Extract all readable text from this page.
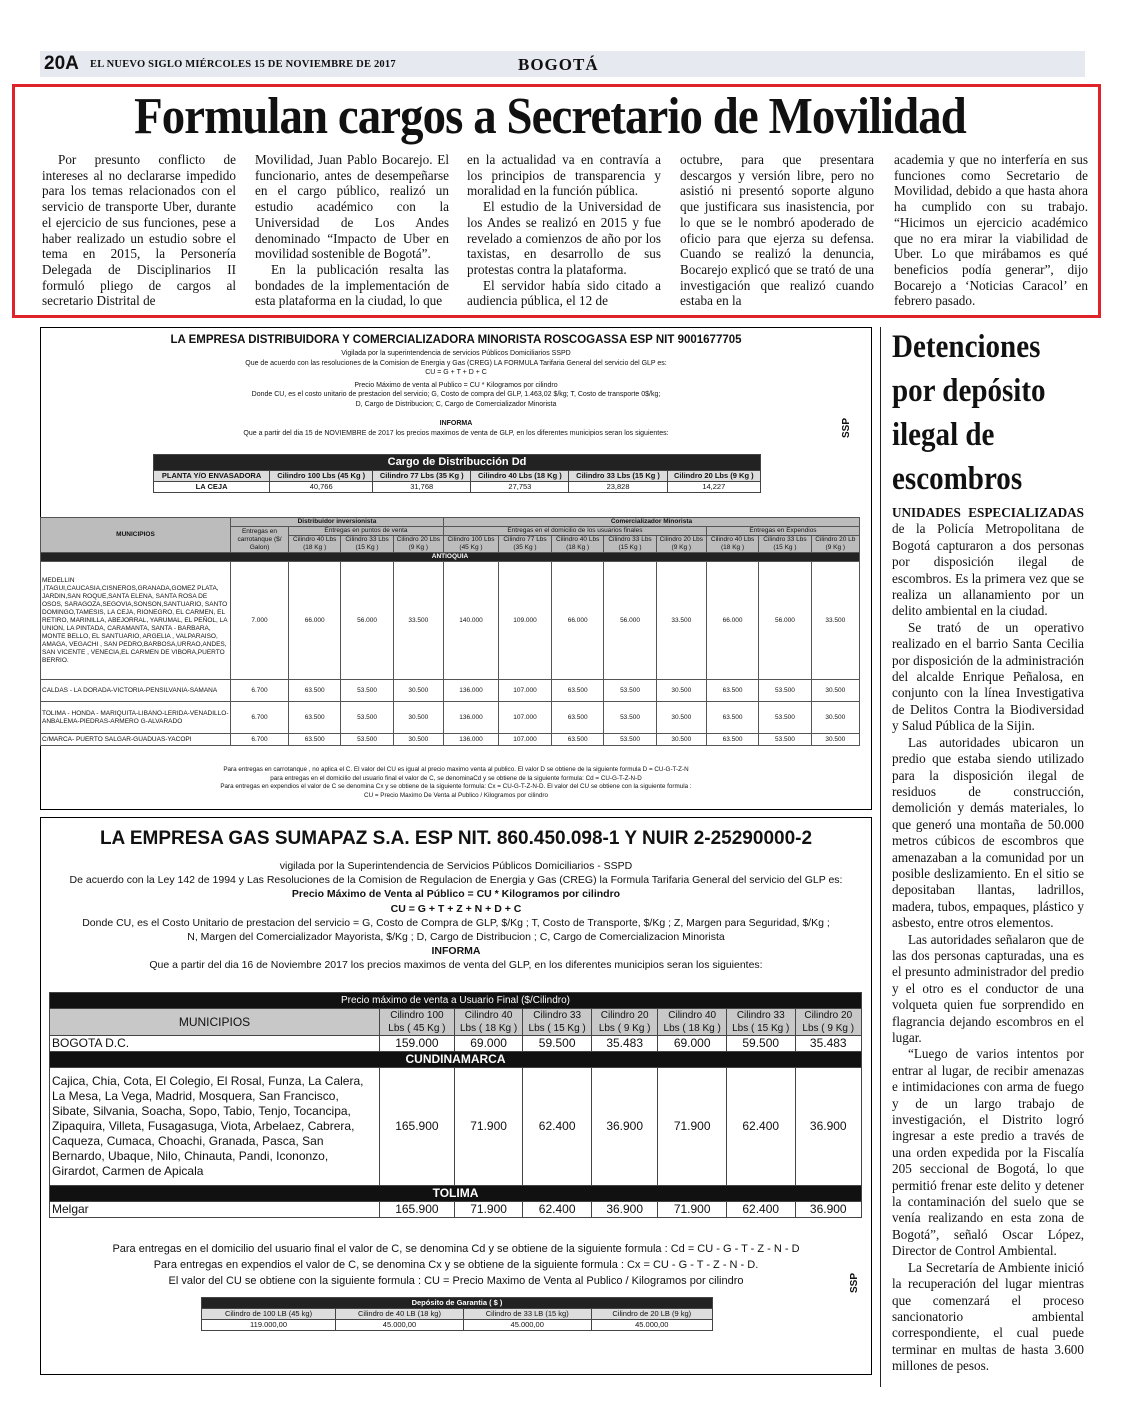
20A EL NUEVO SIGLO MIÉRCOLES 15 DE NOVIEMBRE DE 2017	BOGOTÁ
Formulan cargos a Secretario de Movilidad

Por presunto conflicto de intereses al no declararse impedido para los temas relacionados con el servicio de transporte Uber, durante el ejercicio de sus funciones, pese a haber realizado un estudio sobre el tema en 2015, la Personería Delegada de Disciplinarios II formuló pliego de cargos al secretario Distrital de

Movilidad, Juan Pablo Bocarejo. El funcionario, antes de desempeñarse en el cargo público, realizó un estudio académico con la Universidad de Los Andes denominado “Impacto de Uber en movilidad sostenible de Bogotá”.

En la publicación resalta las bondades de la implementación de esta plataforma en la ciudad, lo que

en la actualidad va en contravía a los principios de transparencia y moralidad en la función pública.

El estudio de la Universidad de los Andes se realizó en 2015 y fue revelado a comienzos de año por los taxistas, en desarrollo de sus protestas contra la plataforma.

El servidor había sido citado a audiencia pública, el 12 de

octubre, para que presentara descargos y versión libre, pero no asistió ni presentó soporte alguno que justificara sus inasistencia, por lo que se le nombró apoderado de oficio para que ejerza su defensa. Cuando se realizó la denuncia, Bocarejo explicó que se trató de una investigación que realizó cuando estaba en la

academia y que no interfería en sus funciones como Secretario de Movilidad, debido a que hasta ahora ha cumplido con su trabajo. “Hicimos un ejercicio académico que no era mirar la viabilidad de Uber. Lo que mirábamos es qué beneficios podía generar”, dijo Bocarejo a ‘Noticias Caracol’ en febrero pasado.

Detenciones
por depósito
ilegal de
escombros

UNIDADES ESPECIALIZADAS de la Policía Metropolitana de Bogotá capturaron a dos personas por disposición ilegal de escombros. Es la primera vez que se realiza un allanamiento por un delito ambiental en la ciudad.

Se trató de un operativo realizado en el barrio Santa Cecilia por disposición de la administración del alcalde Enrique Peñalosa, en conjunto con la línea Investigativa de Delitos Contra la Biodiversidad y Salud Pública de la Sijin.

Las autoridades ubicaron un predio que estaba siendo utilizado para la disposición ilegal de residuos de construcción, demolición y demás materiales, lo que generó una montaña de 50.000 metros cúbicos de escombros que amenazaban a la comunidad por un posible deslizamiento. En el sitio se depositaban llantas, ladrillos, madera, tubos, empaques, plástico y asbesto, entre otros elementos.

Las autoridades señalaron que de las dos personas capturadas, una es el presunto administrador del predio y el otro es el conductor de una volqueta quien fue sorprendido en flagrancia dejando escombros en el lugar.

“Luego de varios intentos por entrar al lugar, de recibir amenazas e intimidaciones con arma de fuego y de un largo trabajo de investigación, el Distrito logró ingresar a este predio a través de una orden expedida por la Fiscalía 205 seccional de Bogotá, lo que permitió frenar este delito y detener la contaminación del suelo que se venía realizando en esta zona de Bogotá”, señaló Oscar López, Director de Control Ambiental.

La Secretaría de Ambiente inició la recuperación del lugar mientras que comenzará el proceso sancionatorio ambiental correspondiente, el cual puede terminar en multas de hasta 3.600 millones de pesos.

LA EMPRESA DISTRIBUIDORA Y COMERCIALIZADORA MINORISTA ROSCOGASSA ESP NIT 9001677705
Vigilada por la superintendencia de servicios Públicos Domiciliarios SSPD
Que de acuerdo con las resoluciones de la Comision de Energia y Gas (CREG) LA FORMULA Tarifaria General del servicio del GLP es:
CU = G + T + D + C
Precio Máximo de venta al Publico = CU * Kilogramos por cilindro
Donde CU, es el costo unitario de prestacion del servicio; G, Costo de compra del GLP, 1.463,02 $/kg; T, Costo de transporte 0$/kg;
D, Cargo de Distribucion; C, Cargo de Comercializador Minorista
INFORMA
Que a partir del dia 15 de NOVIEMBRE de 2017 los precios maximos de venta de GLP, en los diferentes municipios seran los siguientes:
Cargo de Distribucción Dd					
PLANTA Y/O ENVASADORA	Cilindro 100 Lbs (45 Kg )	Cilindro 77 Lbs (35 Kg )	Cilindro 40 Lbs (18 Kg )	Cilindro 33 Lbs (15 Kg )	Cilindro 20 Lbs (9 Kg )
LA CEJA	40,766	31,768	27,753	23,828	14,227
MUNICIPIOS	Distribuidor inversionista				Comercializador Minorista							
	Entregas en carrotanque ($/ Galon)	Entregas en puntos de venta			Entregas en el domicilio de los usuarios finales					Entregas en Expendios		
		Cilindro 40 Lbs (18 Kg )	Cilindro 33 Lbs (15 Kg )	Cilindro 20 Lbs (9 Kg )	Cilindro 100 Lbs (45 Kg )	Cilindro 77 Lbs (35 Kg )	Cilindro 40 Lbs (18 Kg )	Cilindro 33 Lbs (15 Kg )	Cilindro 20 Lbs (9 Kg )	Cilindro 40 Lbs (18 Kg )	Cilindro 33 Lbs (15 Kg )	Cilindro 20 Lb (9 Kg )
ANTIOQUIA												
MEDELLIN ,ITAGUI,CAUCASIA,CISNEROS,GRANADA,GOMEZ PLATA, JARDIN,SAN ROQUE,SANTA ELENA, SANTA ROSA DE OSOS, SARAGOZA,SEGOVIA,SONSON,SANTUARIO, SANTO DOMINGO,TAMESIS, LA CEJA, RIONEGRO, EL CARMEN, EL RETIRO, MARINILLA, ABEJORRAL, YARUMAL, EL PEÑOL, LA UNION, LA PINTADA, CARAMANTA, SANTA - BARBARA, MONTE BELLO, EL SANTUARIO, ARGELIA , VALPARAISO, AMAGA, VEGACHI , SAN PEDRO,BARBOSA,URRAO,ANDES, SAN VICENTE , VENECIA,EL CARMEN DE VIBORA,PUERTO BERRIO.	7.000	66.000	56.000	33.500	140.000	109.000	66.000	56.000	33.500	66.000	56.000	33.500
CALDAS - LA DORADA-VICTORIA-PENSILVANIA-SAMANA	6.700	63.500	53.500	30.500	136.000	107.000	63.500	53.500	30.500	63.500	53.500	30.500
TOLIMA - HONDA - MARIQUITA-LIBANO-LERIDA-VENADILLO-ANBALEMA-PIEDRAS-ARMERO G-ALVARADO	6.700	63.500	53.500	30.500	136.000	107.000	63.500	53.500	30.500	63.500	53.500	30.500
C/MARCA- PUERTO SALGAR-GUADUAS-YACOPI	6.700	63.500	53.500	30.500	136.000	107.000	63.500	53.500	30.500	63.500	53.500	30.500
Para entregas en carrotanque , no aplica el C. El valor del CU es igual al precio maximo venta al publico. El valor D se obtiene de la siguiente formula D = CU-G-T-Z-N
para entregas en el domicilio del usuario final el valor de C, se denominaCd y se obtiene de la siguiente formula: Cd = CU-G-T-Z-N-D
Para entregas en expendios el valor de C se denomina Cx y se obtiene de la siguiente formula: Cx = CU-G-T-Z-N-D. El valor del CU se obtiene con la siguiente formula :
CU = Precio Maximo De Venta al Publico / Kilogramos por cilindro
SSP
LA EMPRESA GAS SUMAPAZ S.A. ESP NIT. 860.450.098-1 Y NUIR 2-25290000-2
vigilada por la Superintendencia de Servicios Públicos Domiciliarios - SSPD
De acuerdo con la Ley 142 de 1994 y Las Resoluciones de la Comision de Regulacion de Energia y Gas (CREG) la Formula Tarifaria General del servicio del GLP es:
Precio Máximo de Venta al Público = CU * Kilogramos por cilindro
CU = G + T + Z + N + D + C
Donde CU, es el Costo Unitario de prestacion del servicio = G, Costo de Compra de GLP, $/Kg ; T, Costo de Transporte, $/Kg ; Z, Margen para Seguridad, $/Kg ;
N, Margen del Comercializador Mayorista, $/Kg ; D, Cargo de Distribucion ; C, Cargo de Comercializacion Minorista
INFORMA
Que a partir del dia 16 de Noviembre 2017 los precios maximos de venta del GLP, en los diferentes municipios seran los siguientes:
Precio máximo de venta a Usuario Final ($/Cilindro)							
MUNICIPIOS	Cilindro 100 Lbs ( 45 Kg )	Cilindro 40 Lbs ( 18 Kg )	Cilindro 33 Lbs ( 15 Kg )	Cilindro 20 Lbs ( 9 Kg )	Cilindro 40 Lbs ( 18 Kg )	Cilindro 33 Lbs ( 15 Kg )	Cilindro 20 Lbs ( 9 Kg )
BOGOTA D.C.	159.000	69.000	59.500	35.483	69.000	59.500	35.483
CUNDINAMARCA							
Cajica, Chia, Cota, El Colegio, El Rosal, Funza, La Calera, La Mesa, La Vega, Madrid, Mosquera, San Francisco, Sibate, Silvania, Soacha, Sopo, Tabio, Tenjo, Tocancipa, Zipaquira, Villeta, Fusagasuga, Viota, Arbelaez, Cabrera, Caqueza, Cumaca, Choachi, Granada, Pasca, San Bernardo, Ubaque, Nilo, Chinauta, Pandi, Icononzo, Girardot, Carmen de Apicala	165.900	71.900	62.400	36.900	71.900	62.400	36.900
TOLIMA							
Melgar	165.900	71.900	62.400	36.900	71.900	62.400	36.900
Para entregas en el domicilio del usuario final el valor de C, se denomina Cd y se obtiene de la siguiente formula : Cd = CU - G - T - Z - N - D
Para entregas en expendios el valor de C, se denomina Cx y se obtiene de la siguiente formula : Cx = CU - G - T - Z - N - D.
El valor del CU se obtiene con la siguiente formula : CU = Precio Maximo de Venta al Publico / Kilogramos por cilindro
Depósito de Garantia ( $ )			
Cilindro de 100 LB (45 kg)	Cilindro de 40 LB (18 kg)	Cilindro de 33 LB (15 kg)	Cilindro de 20 LB (9 kg)
119.000,00	45.000,00	45.000,00	45.000,00
SSP
